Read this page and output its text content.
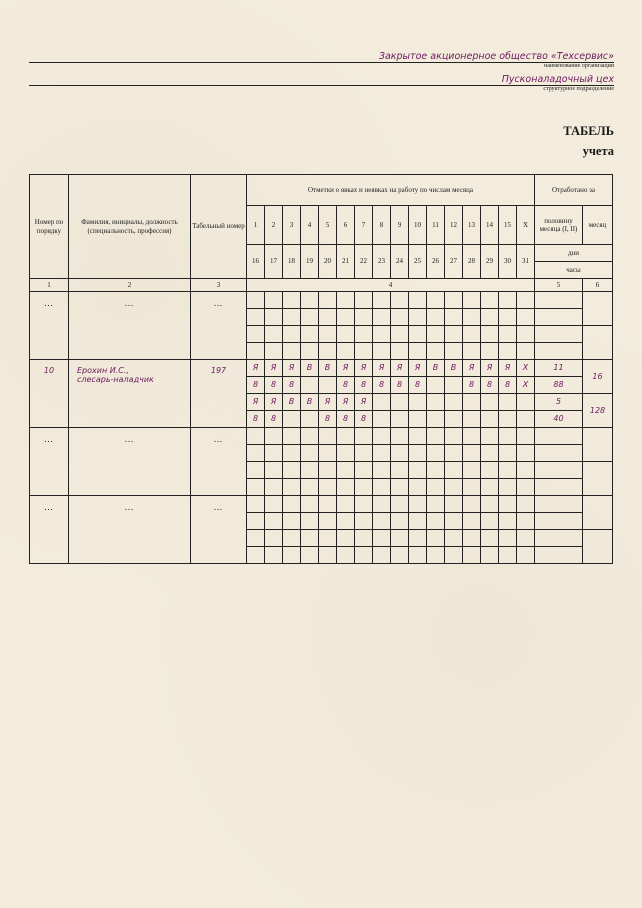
Закрытое акционерное общество «Техсервис»
наименование организации
Пусконаладочный цех
структурное подразделение
ТАБЕЛЬ
учета
Номер по порядку	Фамилия, инициалы, должность (специальность, профессия)	Табельный номер	Отметки о явках и неявках на работу по числам месяца																Отработано за	
			1	2	3	4	5	6	7	8	9	10	11	12	13	14	15	X	половину месяца (I, II)	месяц
			16	17	18	19	20	21	22	23	24	25	26	27	28	29	30	31	дни	
																			часы	
1	2	3	4																5	6
…	…	…																		

10	Ерохин И.С.,
слесарь-наладчик	197	Я	Я	Я	В	В	Я	Я	Я	Я	Я	В	В	Я	Я	Я	Х	11	16
			8	8	8			8	8	8	8	8			8	8	8	Х	88	
			Я	Я	В	В	Я	Я	Я										5	128
			8	8			8	8	8										40	
…	…	…																		

…	…	…																		
